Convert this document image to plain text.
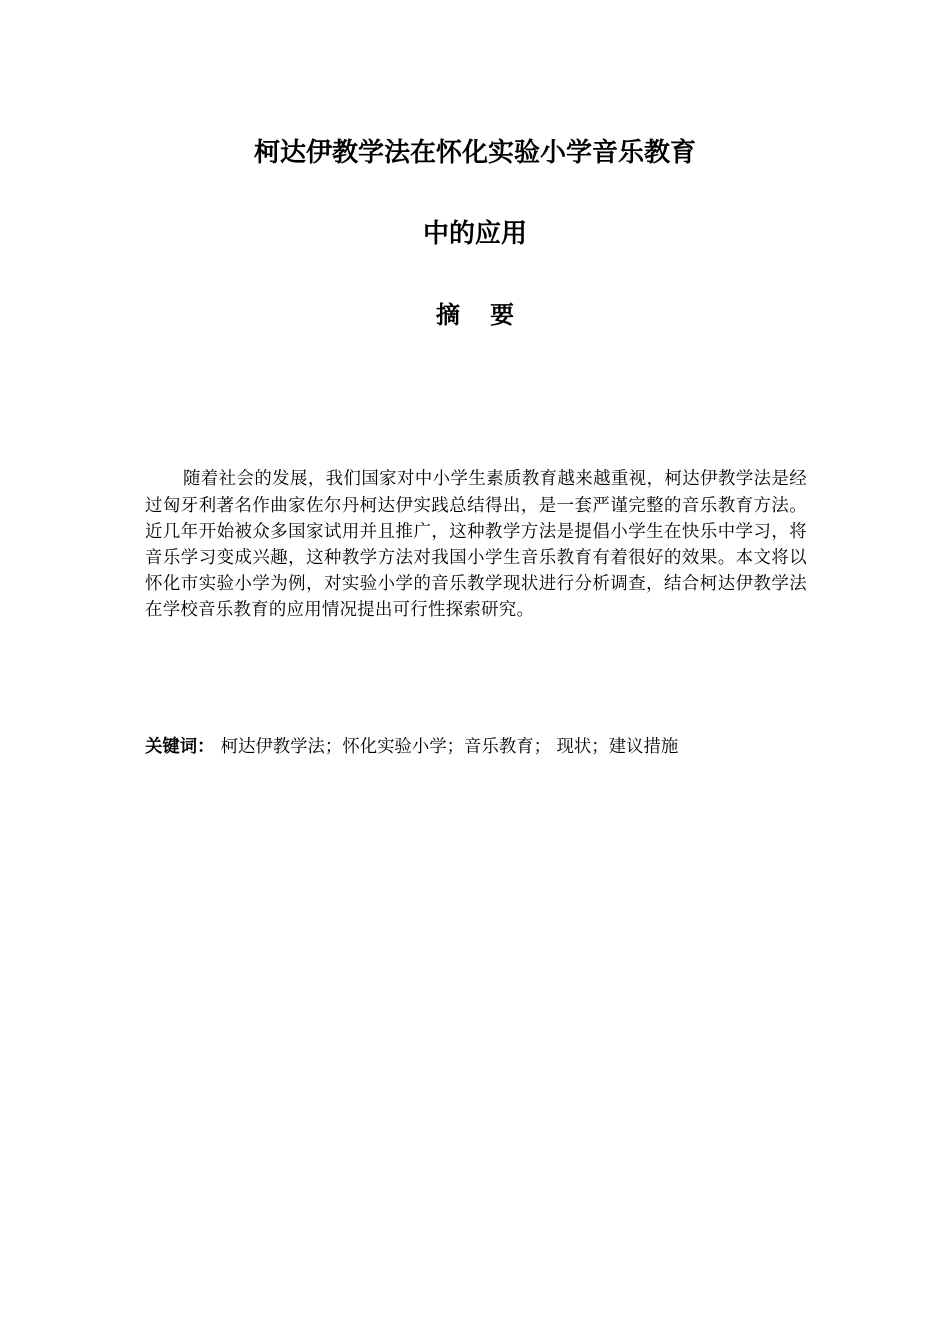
柯达伊教学法在怀化实验小学音乐教育
中的应用
摘要

随着社会的发展，我们国家对中小学生素质教育越来越重视，柯达伊教学法是经过匈牙利著名作曲家佐尔丹柯达伊实践总结得出，是一套严谨完整的音乐教育方法。近几年开始被众多国家试用并且推广，这种教学方法是提倡小学生在快乐中学习，将音乐学习变成兴趣，这种教学方法对我国小学生音乐教育有着很好的效果。本文将以怀化市实验小学为例，对实验小学的音乐教学现状进行分析调查，结合柯达伊教学法在学校音乐教育的应用情况提出可行性探索研究。

关键词： 柯达伊教学法；怀化实验小学；音乐教育； 现状；建议措施
